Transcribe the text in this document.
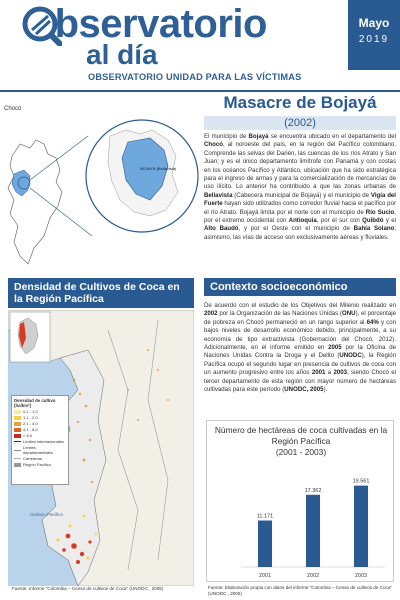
bservatorio
al día
OBSERVATORIO UNIDAD PARA LAS VÍCTIMAS
Mayo
2019
Chocó
BOJAYÁ (Bellavista)
Masacre de Bojayá
(2002)
El municipio de Bojayá se encuentra ubicado en el departamento del Chocó, al noroeste del país, en la región del Pacífico colombiano. Comprende las selvas del Darién, las cuencas de los ríos Atrato y San Juan; y es el único departamento limítrofe con Panamá y con costas en los océanos Pacífico y Atlántico, ubicación que ha sido estratégica para el ingreso de armas y para la comercialización de mercancías de uso ilícito. Lo anterior ha contribuido a que las zonas urbanas de Bellavista (Cabecera municipal de Bojayá) y el municipio de Vigía del Fuerte hayan sido utilizados como corredor fluvial hacia el pacífico por el río Atrato. Bojayá limita por el norte con el municipio de Río Sucio, por el extremo occidental con Antioquia, por el sur con Quibdó y el Alto Baudó, y por el Oeste con el municipio de Bahía Solano; asimismo, las vías de acceso son exclusivamente aéreas y fluviales.
Densidad de Cultivos de Coca en la Región Pacífica
Océano Pacífico
Densidad de cultivo (ha/km²)
0,1 - 1,0
1,1 - 2,0
2,1 - 4,0
4,1 - 8,0
> 8,0
Límites internacionales
Límites departamentales
Carreteras
Región Pacífico
Fuente: Informe "Colombia – Censo de cultivos de Coca" (UNODC , 2005)
Contexto socioeconómico
De acuerdo con el estudio de los Objetivos del Milenio realizado en 2002 por la Organización de las Naciones Unidas (ONU), el porcentaje de pobreza en Chocó permaneció en un rango superior al 64% y con bajos niveles de desarrollo económico debido, principalmente, a su economía de tipo extractivista (Gobernación del Chocó, 2012). Adicionalmente, en el informe emitido en 2005 por la Oficina de Naciones Unidas Contra la Droga y el Delito (UNODC), la Región Pacífica ocupó el segundo lugar en presencia de cultivos de coca con un aumento progresivo entre los años 2001 a 2003, siendo Chocó el tercer departamento de esta región con mayor número de hectáreas cultivadas para este período (UNODC, 2005).
Número de hectáreas de coca cultivadas en la Región Pacífica
(2001 - 2003)
11.171
2001
17.362
2002
19.561
2003
Fuente: Elaboración propia con datos del informe "Colombia – Censo de cultivos de Coca" (UNODC , 2005)
